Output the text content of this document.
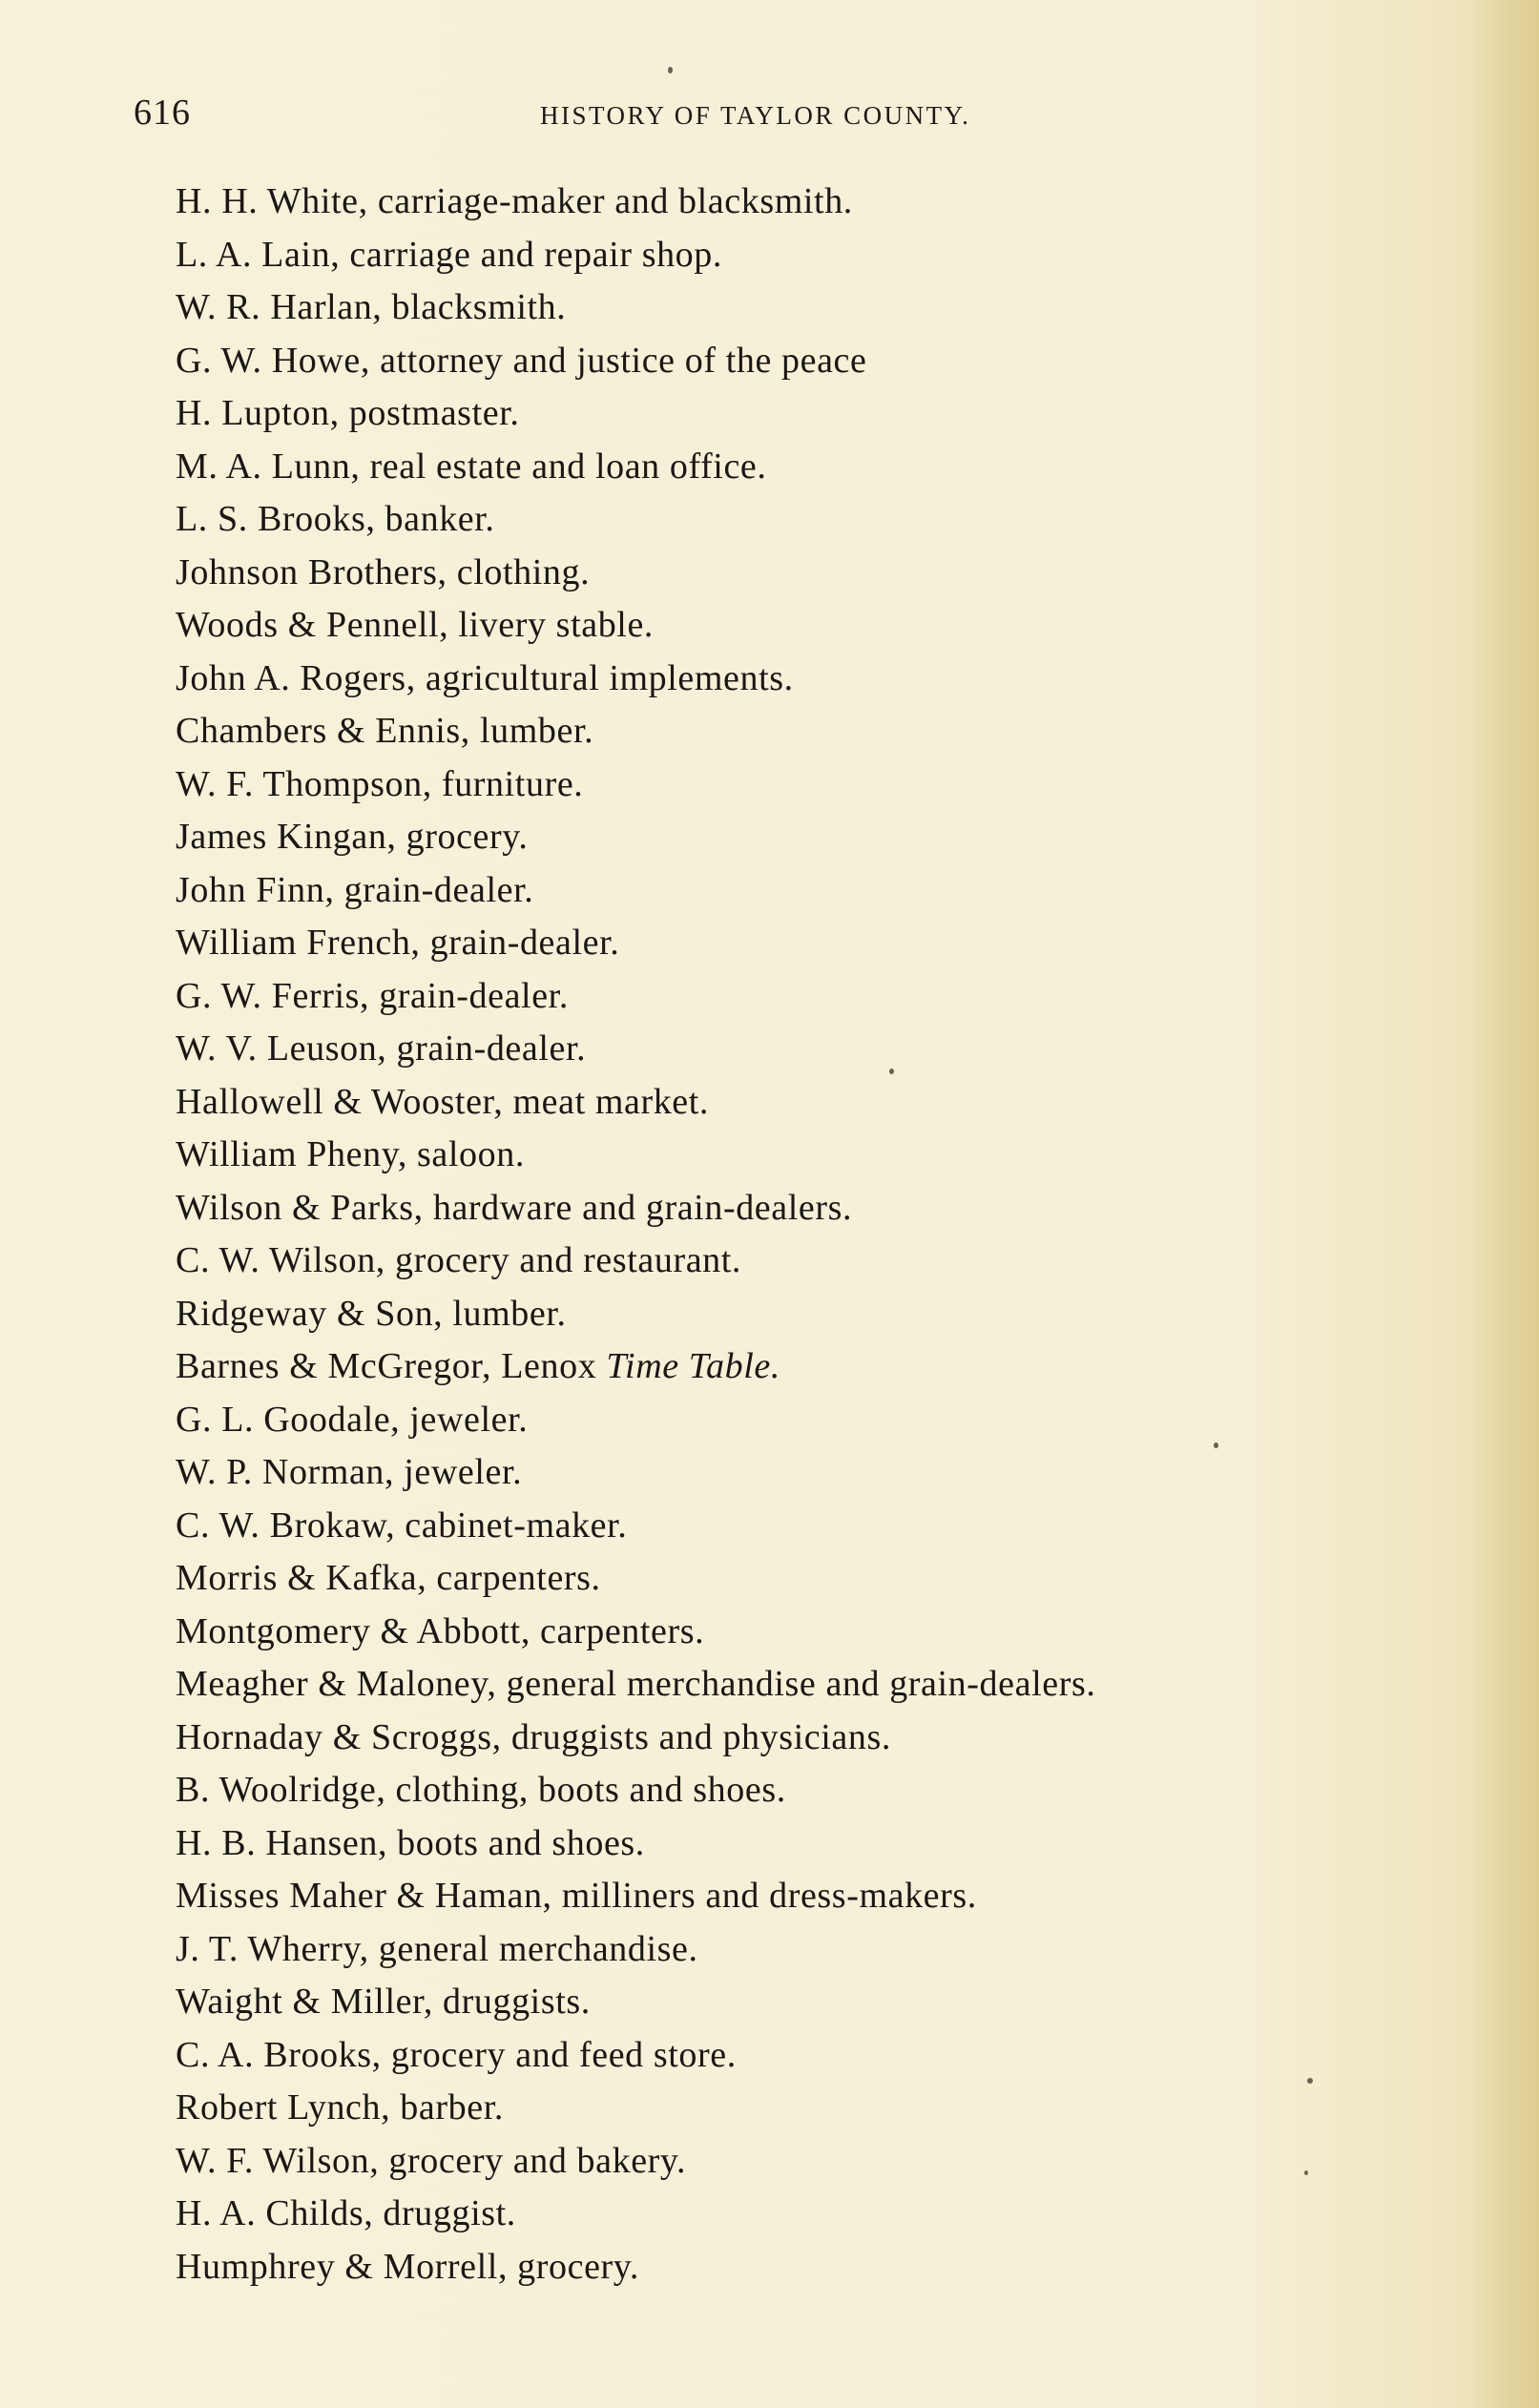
616	HISTORY OF TAYLOR COUNTY.
H. H. White, carriage-maker and blacksmith.
L. A. Lain, carriage and repair shop.
W. R. Harlan, blacksmith.
G. W. Howe, attorney and justice of the peace
H. Lupton, postmaster.
M. A. Lunn, real estate and loan office.
L. S. Brooks, banker.
Johnson Brothers, clothing.
Woods & Pennell, livery stable.
John A. Rogers, agricultural implements.
Chambers & Ennis, lumber.
W. F. Thompson, furniture.
James Kingan, grocery.
John Finn, grain-dealer.
William French, grain-dealer.
G. W. Ferris, grain-dealer.
W. V. Leuson, grain-dealer.
Hallowell & Wooster, meat market.
William Pheny, saloon.
Wilson & Parks, hardware and grain-dealers.
C. W. Wilson, grocery and restaurant.
Ridgeway & Son, lumber.
Barnes & McGregor, Lenox Time Table.
G. L. Goodale, jeweler.
W. P. Norman, jeweler.
C. W. Brokaw, cabinet-maker.
Morris & Kafka, carpenters.
Montgomery & Abbott, carpenters.
Meagher & Maloney, general merchandise and grain-dealers.
Hornaday & Scroggs, druggists and physicians.
B. Woolridge, clothing, boots and shoes.
H. B. Hansen, boots and shoes.
Misses Maher & Haman, milliners and dress-makers.
J. T. Wherry, general merchandise.
Waight & Miller, druggists.
C. A. Brooks, grocery and feed store.
Robert Lynch, barber.
W. F. Wilson, grocery and bakery.
H. A. Childs, druggist.
Humphrey & Morrell, grocery.
